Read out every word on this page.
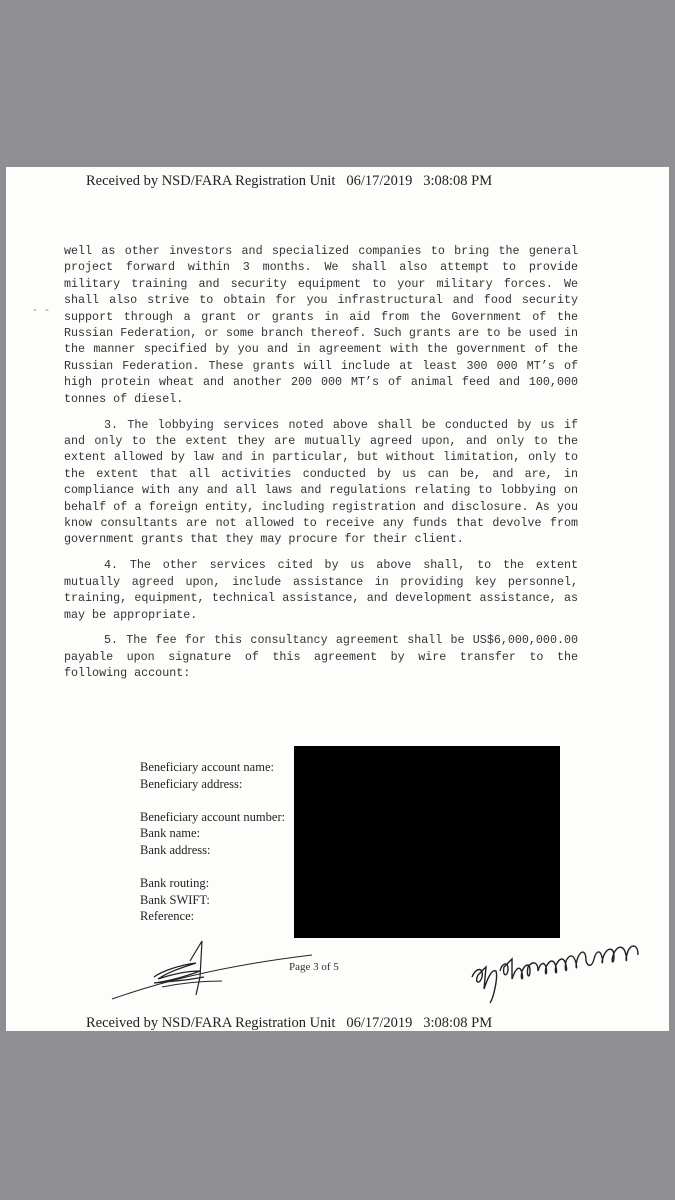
Received by NSD/FARA Registration Unit   06/17/2019   3:08:08 PM
- -

well as other investors and specialized companies to bring the general project forward within 3 months. We shall also attempt to provide military training and security equipment to your military forces. We shall also strive to obtain for you infrastructural and food security support through a grant or grants in aid from the Government of the Russian Federation, or some branch thereof. Such grants are to be used in the manner specified by you and in agreement with the government of the Russian Federation. These grants will include at least 300 000 MT’s of high protein wheat and another 200 000 MT’s of animal feed and 100,000 tonnes of diesel.

3. The lobbying services noted above shall be conducted by us if and only to the extent they are mutually agreed upon, and only to the extent allowed by law and in particular, but without limitation, only to the extent that all activities conducted by us can be, and are, in compliance with any and all laws and regulations relating to lobbying on behalf of a foreign entity, including registration and disclosure. As you know consultants are not allowed to receive any funds that devolve from government grants that they may procure for their client.

4. The other services cited by us above shall, to the extent mutually agreed upon, include assistance in providing key personnel, training, equipment, technical assistance, and development assistance, as may be appropriate.

5. The fee for this consultancy agreement shall be US$6,000,000.00 payable upon signature of this agreement by wire transfer to the following account:

Beneficiary account name:
Beneficiary address:
Beneficiary account number:
Bank name:
Bank address:
Bank routing:
Bank SWIFT:
Reference:
Page 3 of 5
Received by NSD/FARA Registration Unit   06/17/2019   3:08:08 PM
